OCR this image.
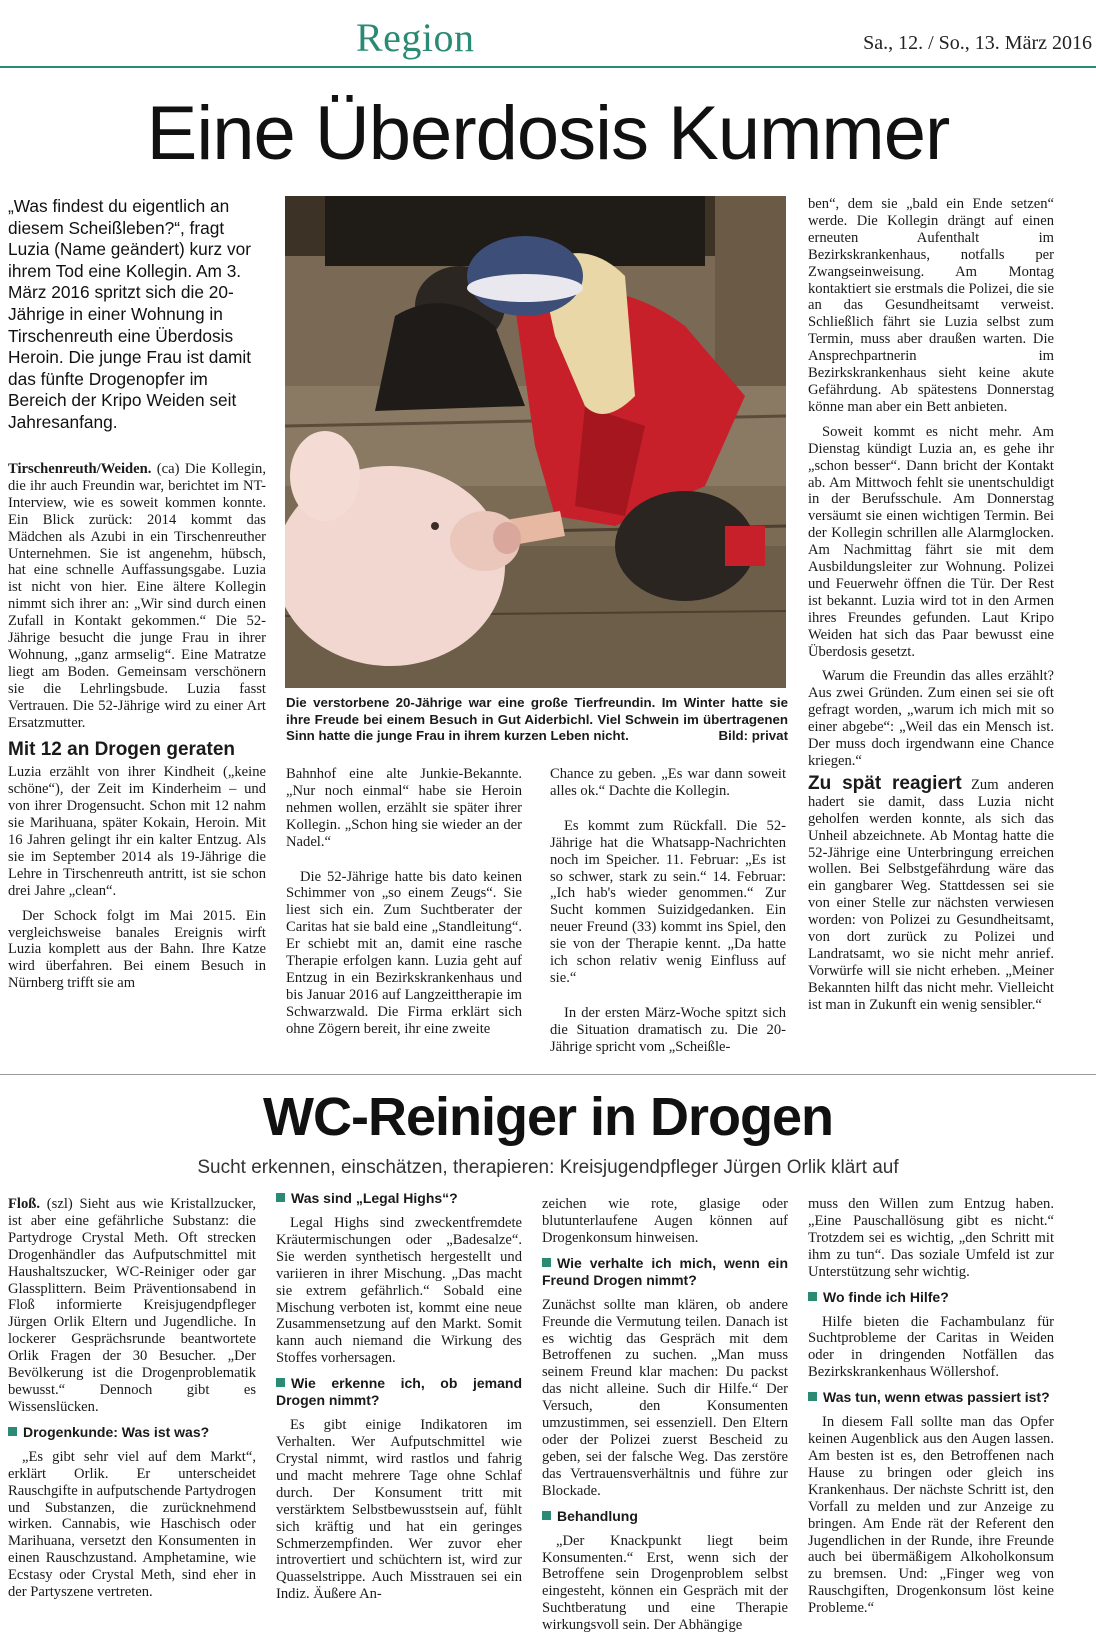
Region	Sa., 12. / So., 13. März 2016
Eine Überdosis Kummer
„Was findest du eigentlich an diesem Scheißleben?“, fragt Luzia (Name geändert) kurz vor ihrem Tod eine Kollegin. Am 3. März 2016 spritzt sich die 20-Jährige in einer Wohnung in Tirschenreuth eine Überdosis Heroin. Die junge Frau ist damit das fünfte Drogenopfer im Bereich der Kripo Weiden seit Jahresanfang.

Tirschenreuth/Weiden. (ca) Die Kollegin, die ihr auch Freundin war, berichtet im NT-Interview, wie es soweit kommen konnte. Ein Blick zurück: 2014 kommt das Mädchen als Azubi in ein Tirschenreuther Unternehmen. Sie ist angenehm, hübsch, hat eine schnelle Auffassungsgabe. Luzia ist nicht von hier. Eine ältere Kollegin nimmt sich ihrer an: „Wir sind durch einen Zufall in Kontakt gekommen.“ Die 52-Jährige besucht die junge Frau in ihrer Wohnung, „ganz armselig“. Eine Matratze liegt am Boden. Gemeinsam verschönern sie die Lehrlingsbude. Luzia fasst Vertrauen. Die 52-Jährige wird zu einer Art Ersatzmutter.

Mit 12 an Drogen geraten

Luzia erzählt von ihrer Kindheit („keine schöne“), der Zeit im Kinderheim – und von ihrer Drogensucht. Schon mit 12 nahm sie Marihuana, später Kokain, Heroin. Mit 16 Jahren gelingt ihr ein kalter Entzug. Als sie im September 2014 als 19-Jährige die Lehre in Tirschenreuth antritt, ist sie schon drei Jahre „clean“.

Der Schock folgt im Mai 2015. Ein vergleichsweise banales Ereignis wirft Luzia komplett aus der Bahn. Ihre Katze wird überfahren. Bei einem Besuch in Nürnberg trifft sie am

Die verstorbene 20-Jährige war eine große Tierfreundin. Im Winter hatte sie ihre Freude bei einem Besuch in Gut Aiderbichl. Viel Schwein im übertragenen Sinn hatte die junge Frau in ihrem kurzen Leben nicht.	Bild: privat

Bahnhof eine alte Junkie-Bekannte. „Nur noch einmal“ habe sie Heroin nehmen wollen, erzählt sie später ihrer Kollegin. „Schon hing sie wieder an der Nadel.“

Die 52-Jährige hatte bis dato keinen Schimmer von „so einem Zeugs“. Sie liest sich ein. Zum Suchtberater der Caritas hat sie bald eine „Standleitung“. Er schiebt mit an, damit eine rasche Therapie erfolgen kann. Luzia geht auf Entzug in ein Bezirkskrankenhaus und bis Januar 2016 auf Langzeittherapie im Schwarzwald. Die Firma erklärt sich ohne Zögern bereit, ihr eine zweite

Chance zu geben. „Es war dann soweit alles ok.“ Dachte die Kollegin.

Es kommt zum Rückfall. Die 52-Jährige hat die Whatsapp-Nachrichten noch im Speicher. 11. Februar: „Es ist so schwer, stark zu sein.“ 14. Februar: „Ich hab's wieder genommen.“ Zur Sucht kommen Suizidgedanken. Ein neuer Freund (33) kommt ins Spiel, den sie von der Therapie kennt. „Da hatte ich schon relativ wenig Einfluss auf sie.“

In der ersten März-Woche spitzt sich die Situation dramatisch zu. Die 20-Jährige spricht vom „Scheißle-

ben“, dem sie „bald ein Ende setzen“ werde. Die Kollegin drängt auf einen erneuten Aufenthalt im Bezirkskrankenhaus, notfalls per Zwangseinweisung. Am Montag kontaktiert sie erstmals die Polizei, die sie an das Gesundheitsamt verweist. Schließlich fährt sie Luzia selbst zum Termin, muss aber draußen warten. Die Ansprechpartnerin im Bezirkskrankenhaus sieht keine akute Gefährdung. Ab spätestens Donnerstag könne man aber ein Bett anbieten.

Soweit kommt es nicht mehr. Am Dienstag kündigt Luzia an, es gehe ihr „schon besser“. Dann bricht der Kontakt ab. Am Mittwoch fehlt sie unentschuldigt in der Berufsschule. Am Donnerstag versäumt sie einen wichtigen Termin. Bei der Kollegin schrillen alle Alarmglocken. Am Nachmittag fährt sie mit dem Ausbildungsleiter zur Wohnung. Polizei und Feuerwehr öffnen die Tür. Der Rest ist bekannt. Luzia wird tot in den Armen ihres Freundes gefunden. Laut Kripo Weiden hat sich das Paar bewusst eine Überdosis gesetzt.

Warum die Freundin das alles erzählt? Aus zwei Gründen. Zum einen sei sie oft gefragt worden, „warum ich mich mit so einer abgebe“: „Weil das ein Mensch ist. Der muss doch irgendwann eine Chance kriegen.“

Zu spät reagiert Zum anderen hadert sie damit, dass Luzia nicht geholfen werden konnte, als sich das Unheil abzeichnete. Ab Montag hatte die 52-Jährige eine Unterbringung erreichen wollen. Bei Selbstgefährdung wäre das ein gangbarer Weg. Stattdessen sei sie von einer Stelle zur nächsten verwiesen worden: von Polizei zu Gesundheitsamt, von dort zurück zu Polizei und Landratsamt, wo sie nicht mehr anrief. Vorwürfe will sie nicht erheben. „Meiner Bekannten hilft das nicht mehr. Vielleicht ist man in Zukunft ein wenig sensibler.“

WC-Reiniger in Drogen
Sucht erkennen, einschätzen, therapieren: Kreisjugendpfleger Jürgen Orlik klärt auf

Floß. (szl) Sieht aus wie Kristallzucker, ist aber eine gefährliche Substanz: die Partydroge Crystal Meth. Oft strecken Drogenhändler das Aufputschmittel mit Haushaltszucker, WC-Reiniger oder gar Glassplittern. Beim Präventionsabend in Floß informierte Kreisjugendpfleger Jürgen Orlik Eltern und Jugendliche. In lockerer Gesprächsrunde beantwortete Orlik Fragen der 30 Besucher. „Der Bevölkerung ist die Drogenproblematik bewusst.“ Dennoch gibt es Wissenslücken.

Drogenkunde: Was ist was?

„Es gibt sehr viel auf dem Markt“, erklärt Orlik. Er unterscheidet Rauschgifte in aufputschende Partydrogen und Substanzen, die zurücknehmend wirken. Cannabis, wie Haschisch oder Marihuana, versetzt den Konsumenten in einen Rauschzustand. Amphetamine, wie Ecstasy oder Crystal Meth, sind eher in der Partyszene vertreten.

Was sind „Legal Highs“?

Legal Highs sind zweckentfremdete Kräutermischungen oder „Badesalze“. Sie werden synthetisch hergestellt und variieren in ihrer Mischung. „Das macht sie extrem gefährlich.“ Sobald eine Mischung verboten ist, kommt eine neue Zusammensetzung auf den Markt. Somit kann auch niemand die Wirkung des Stoffes vorhersagen.

Wie erkenne ich, ob jemand Drogen nimmt?

Es gibt einige Indikatoren im Verhalten. Wer Aufputschmittel wie Crystal nimmt, wird rastlos und fahrig und macht mehrere Tage ohne Schlaf durch. Der Konsument tritt mit verstärktem Selbstbewusstsein auf, fühlt sich kräftig und hat ein geringes Schmerzempfinden. Wer zuvor eher introvertiert und schüchtern ist, wird zur Quasselstrippe. Auch Misstrauen sei ein Indiz. Äußere An-

zeichen wie rote, glasige oder blutunterlaufene Augen können auf Drogenkonsum hinweisen.

Wie verhalte ich mich, wenn ein Freund Drogen nimmt?

Zunächst sollte man klären, ob andere Freunde die Vermutung teilen. Danach ist es wichtig das Gespräch mit dem Betroffenen zu suchen. „Man muss seinem Freund klar machen: Du packst das nicht alleine. Such dir Hilfe.“ Der Versuch, den Konsumenten umzustimmen, sei essenziell. Den Eltern oder der Polizei zuerst Bescheid zu geben, sei der falsche Weg. Das zerstöre das Vertrauensverhältnis und führe zur Blockade.

Behandlung

„Der Knackpunkt liegt beim Konsumenten.“ Erst, wenn sich der Betroffene sein Drogenproblem selbst eingesteht, können ein Gespräch mit der Suchtberatung und eine Therapie wirkungsvoll sein. Der Abhängige

muss den Willen zum Entzug haben. „Eine Pauschallösung gibt es nicht.“ Trotzdem sei es wichtig, „den Schritt mit ihm zu tun“. Das soziale Umfeld ist zur Unterstützung sehr wichtig.

Wo finde ich Hilfe?

Hilfe bieten die Fachambulanz für Suchtprobleme der Caritas in Weiden oder in dringenden Notfällen das Bezirkskrankenhaus Wöllershof.

Was tun, wenn etwas passiert ist?

In diesem Fall sollte man das Opfer keinen Augenblick aus den Augen lassen. Am besten ist es, den Betroffenen nach Hause zu bringen oder gleich ins Krankenhaus. Der nächste Schritt ist, den Vorfall zu melden und zur Anzeige zu bringen. Am Ende rät der Referent den Jugendlichen in der Runde, ihre Freunde auch bei übermäßigem Alkoholkonsum zu bremsen. Und: „Finger weg von Rauschgiften, Drogenkonsum löst keine Probleme.“
